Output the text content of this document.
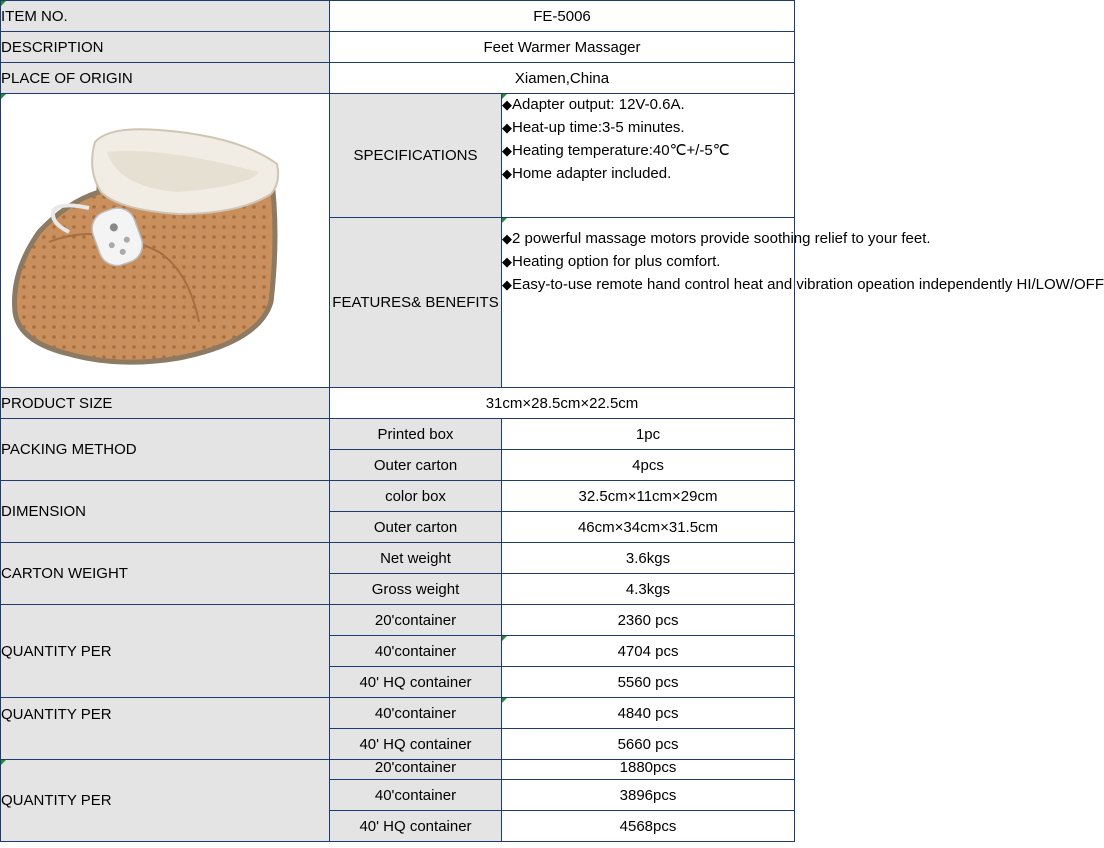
ITEM NO.	FE-5006	
DESCRIPTION	Feet Warmer Massager	
PLACE OF ORIGIN	Xiamen,China	

	SPECIFICATIONS	◆Adapter output: 12V-0.6A.
◆Heat-up time:3-5 minutes.
◆Heating temperature:40℃+/-5℃
◆Home adapter included.

	FEATURES& BENEFITS	◆2 powerful massage motors provide soothing relief to your feet.
◆Heating option for plus comfort.
◆Easy-to-use remote hand control heat and vibration opeation independently HI/LOW/OFF

PRODUCT SIZE	31cm×28.5cm×22.5cm	
PACKING METHOD	Printed box	1pc
	Outer carton	4pcs
DIMENSION	color box	32.5cm×11cm×29cm
	Outer carton	46cm×34cm×31.5cm
CARTON WEIGHT	Net weight	3.6kgs
	Gross weight	4.3kgs
QUANTITY PER	20'container	2360 pcs
	40'container	4704 pcs
	40' HQ container	5560 pcs
QUANTITY PER	40'container	4840 pcs
	40' HQ container	5660 pcs

QUANTITY PER	20'container	1880pcs

	40'container	3896pcs
	40' HQ container	4568pcs
